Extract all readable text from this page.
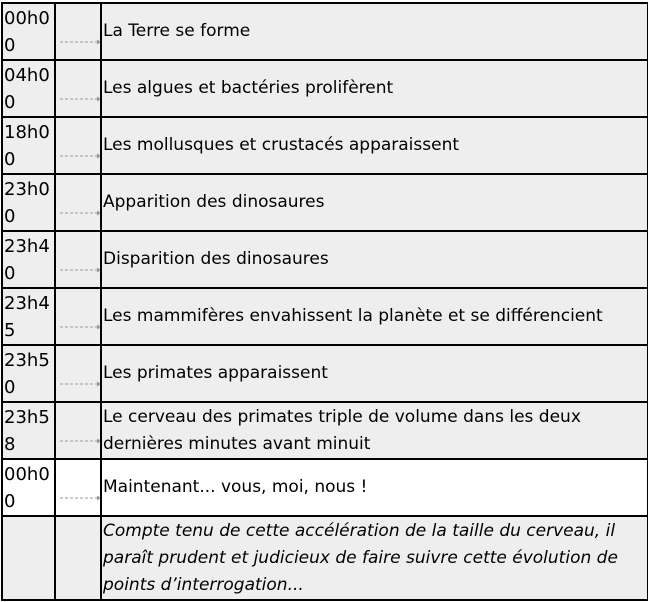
00h00		La Terre se forme
04h00		Les algues et bactéries prolifèrent
18h00		Les mollusques et crustacés apparaissent
23h00		Apparition des dinosaures
23h40		Disparition des dinosaures
23h45		Les mammifères envahissent la planète et se différencient
23h50		Les primates apparaissent
23h58		Le cerveau des primates triple de volume dans les deux dernières minutes avant minuit
00h00		Maintenant... vous, moi, nous !
		Compte tenu de cette accélération de la taille du cerveau, il paraît prudent et judicieux de faire suivre cette évolution de points d’interrogation...
